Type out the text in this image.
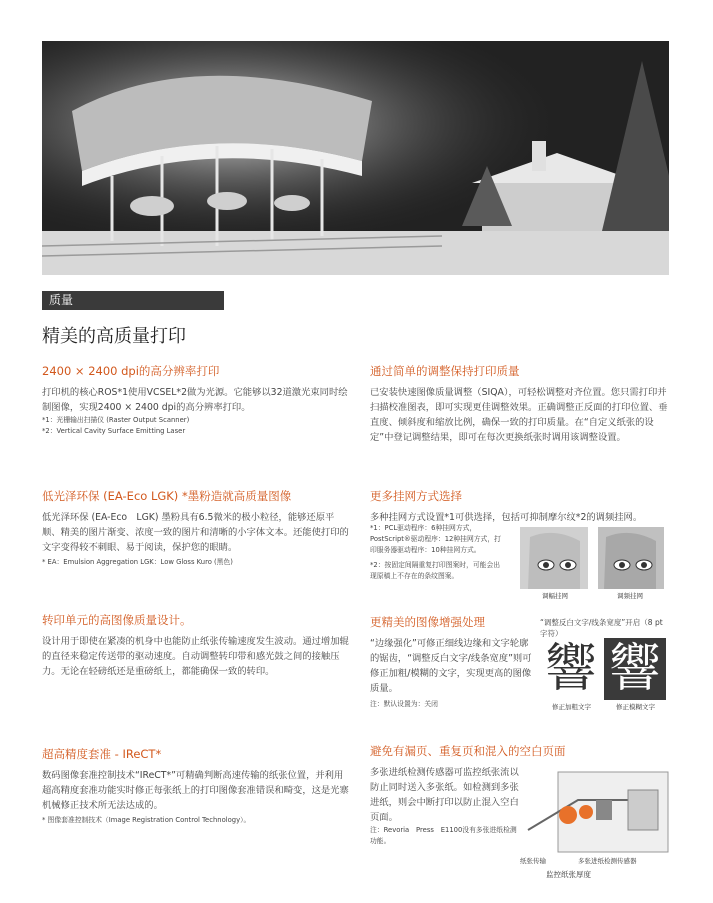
质量
精美的高质量打印
2400 × 2400 dpi的高分辨率打印
打印机的核心ROS*1使用VCSEL*2做为光源。它能够以32道激光束同时绘制图像，实现2400 × 2400 dpi的高分辨率打印。
*1：光栅输出扫描仪 (Raster Output Scanner)
*2：Vertical Cavity Surface Emitting Laser
低光泽环保 (EA-Eco LGK) *墨粉造就高质量图像
低光泽环保 (EA-Eco　LGK) 墨粉具有6.5微米的极小粒径，能够还原平顺、精美的图片渐变、浓度一致的图片和清晰的小字体文本。还能使打印的文字变得较不刺眼、易于阅读，保护您的眼睛。
* EA：Emulsion Aggregation LGK：Low Gloss Kuro (黑色)
转印单元的高图像质量设计。
设计用于即使在紧凑的机身中也能防止纸张传输速度发生波动。通过增加辊的直径来稳定传送带的驱动速度。自动调整转印带和感光鼓之间的接触压力。无论在轻磅纸还是重磅纸上，都能确保一致的转印。
超高精度套准 - IReCT*
数码图像套准控制技术“IReCT*”可精确判断高速传输的纸张位置，并利用超高精度套准功能实时修正每张纸上的打印图像套准错误和畸变，这是光寨机械修正技术所无法达成的。
* 图像套准控制技术（Image Registration Control Technology）。
通过简单的调整保持打印质量
已安装快速图像质量调整（SIQA），可轻松调整对齐位置。您只需打印并扫描校准图表，即可实现更佳调整效果。正确调整正反面的打印位置、垂直度、倾斜度和缩放比例，确保一致的打印质量。在“自定义纸张的设定”中登记调整结果，即可在每次更换纸张时调用该调整设置。
更多挂网方式选择
多种挂网方式设置*1可供选择，包括可抑制摩尔纹*2的调频挂网。
*1：PCL驱动程序：6种挂网方式，PostScript®驱动程序：12种挂网方式，打印服务器驱动程序：10种挂网方式。
*2：按固定间隔重复打印图案时，可能会出现原稿上不存在的条纹图案。
调幅挂网	调频挂网
更精美的图像增强处理
“边缘强化”可修正细线边缘和文字轮廓的锯齿，“调整反白文字/线条宽度”则可修正加粗/模糊的文字，实现更高的图像质量。
注：默认设置为：关闭
“调整反白文字/线条宽度”开启（8 pt字符）
響 響
修正加粗文字	修正模糊文字
避免有漏页、重复页和混入的空白页面
多张进纸检测传感器可监控纸张流以防止同时送入多张纸。如检测到多张进纸，则会中断打印以防止混入空白页面。
注：Revoria　Press　E1100没有多张进纸检测功能。
纸张传输	多张进纸检测传感器
监控纸张厚度
